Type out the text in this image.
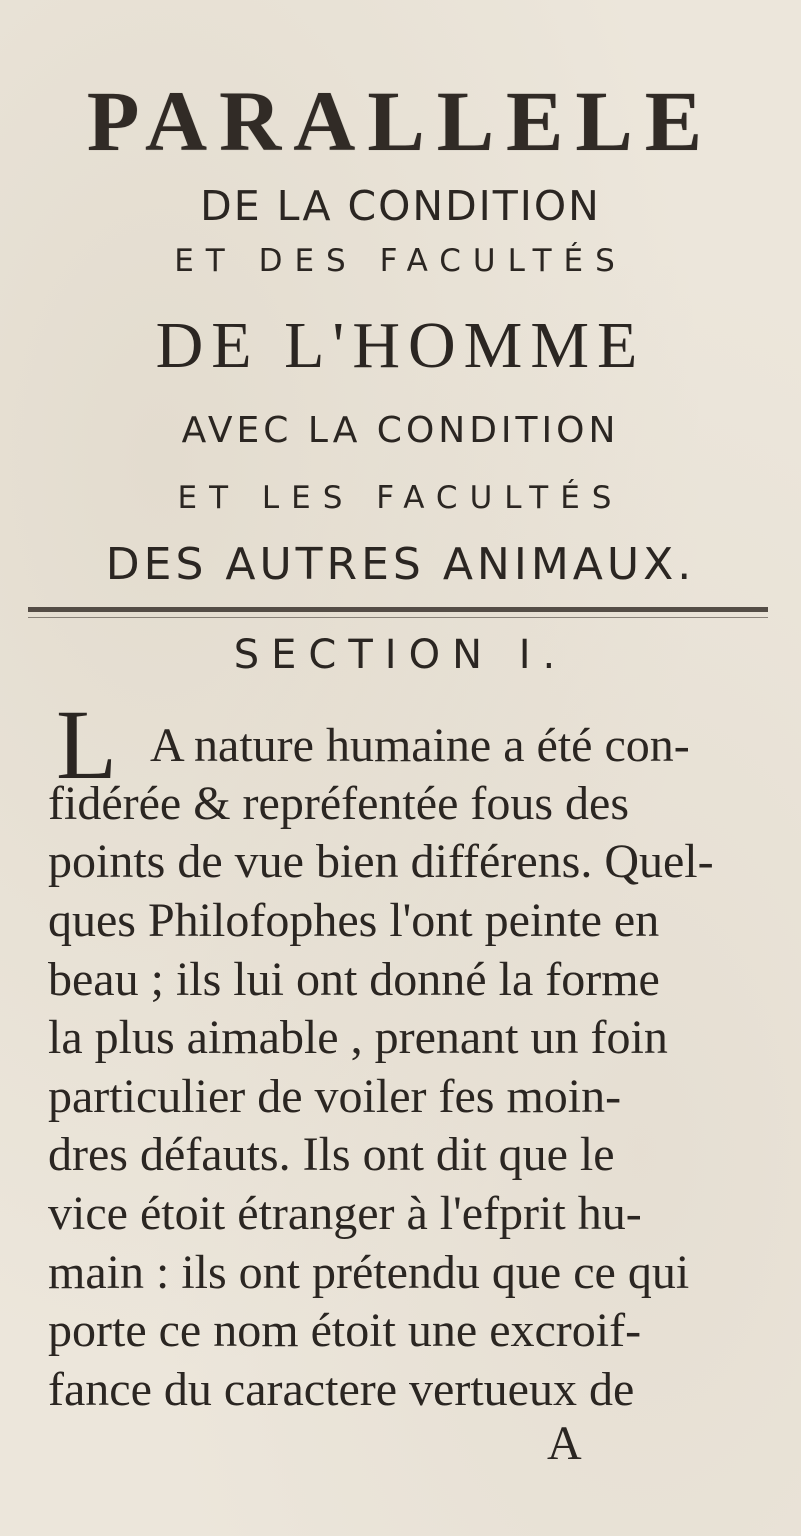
PARALLELE
DE LA CONDITION
ET DES FACULTÉS
DE L'HOMME
AVEC LA CONDITION
ET LES FACULTÉS
DES AUTRES ANIMAUX.
SECTION I.
L A nature humaine a été con-
fidérée & repréfentée fous des
points de vue bien différens. Quel-
ques Philofophes l'ont peinte en
beau ; ils lui ont donné la forme
la plus aimable , prenant un foin
particulier de voiler fes moin-
dres défauts. Ils ont dit que le
vice étoit étranger à l'efprit hu-
main : ils ont prétendu que ce qui
porte ce nom étoit une excroif-
fance du caractere vertueux de
A
